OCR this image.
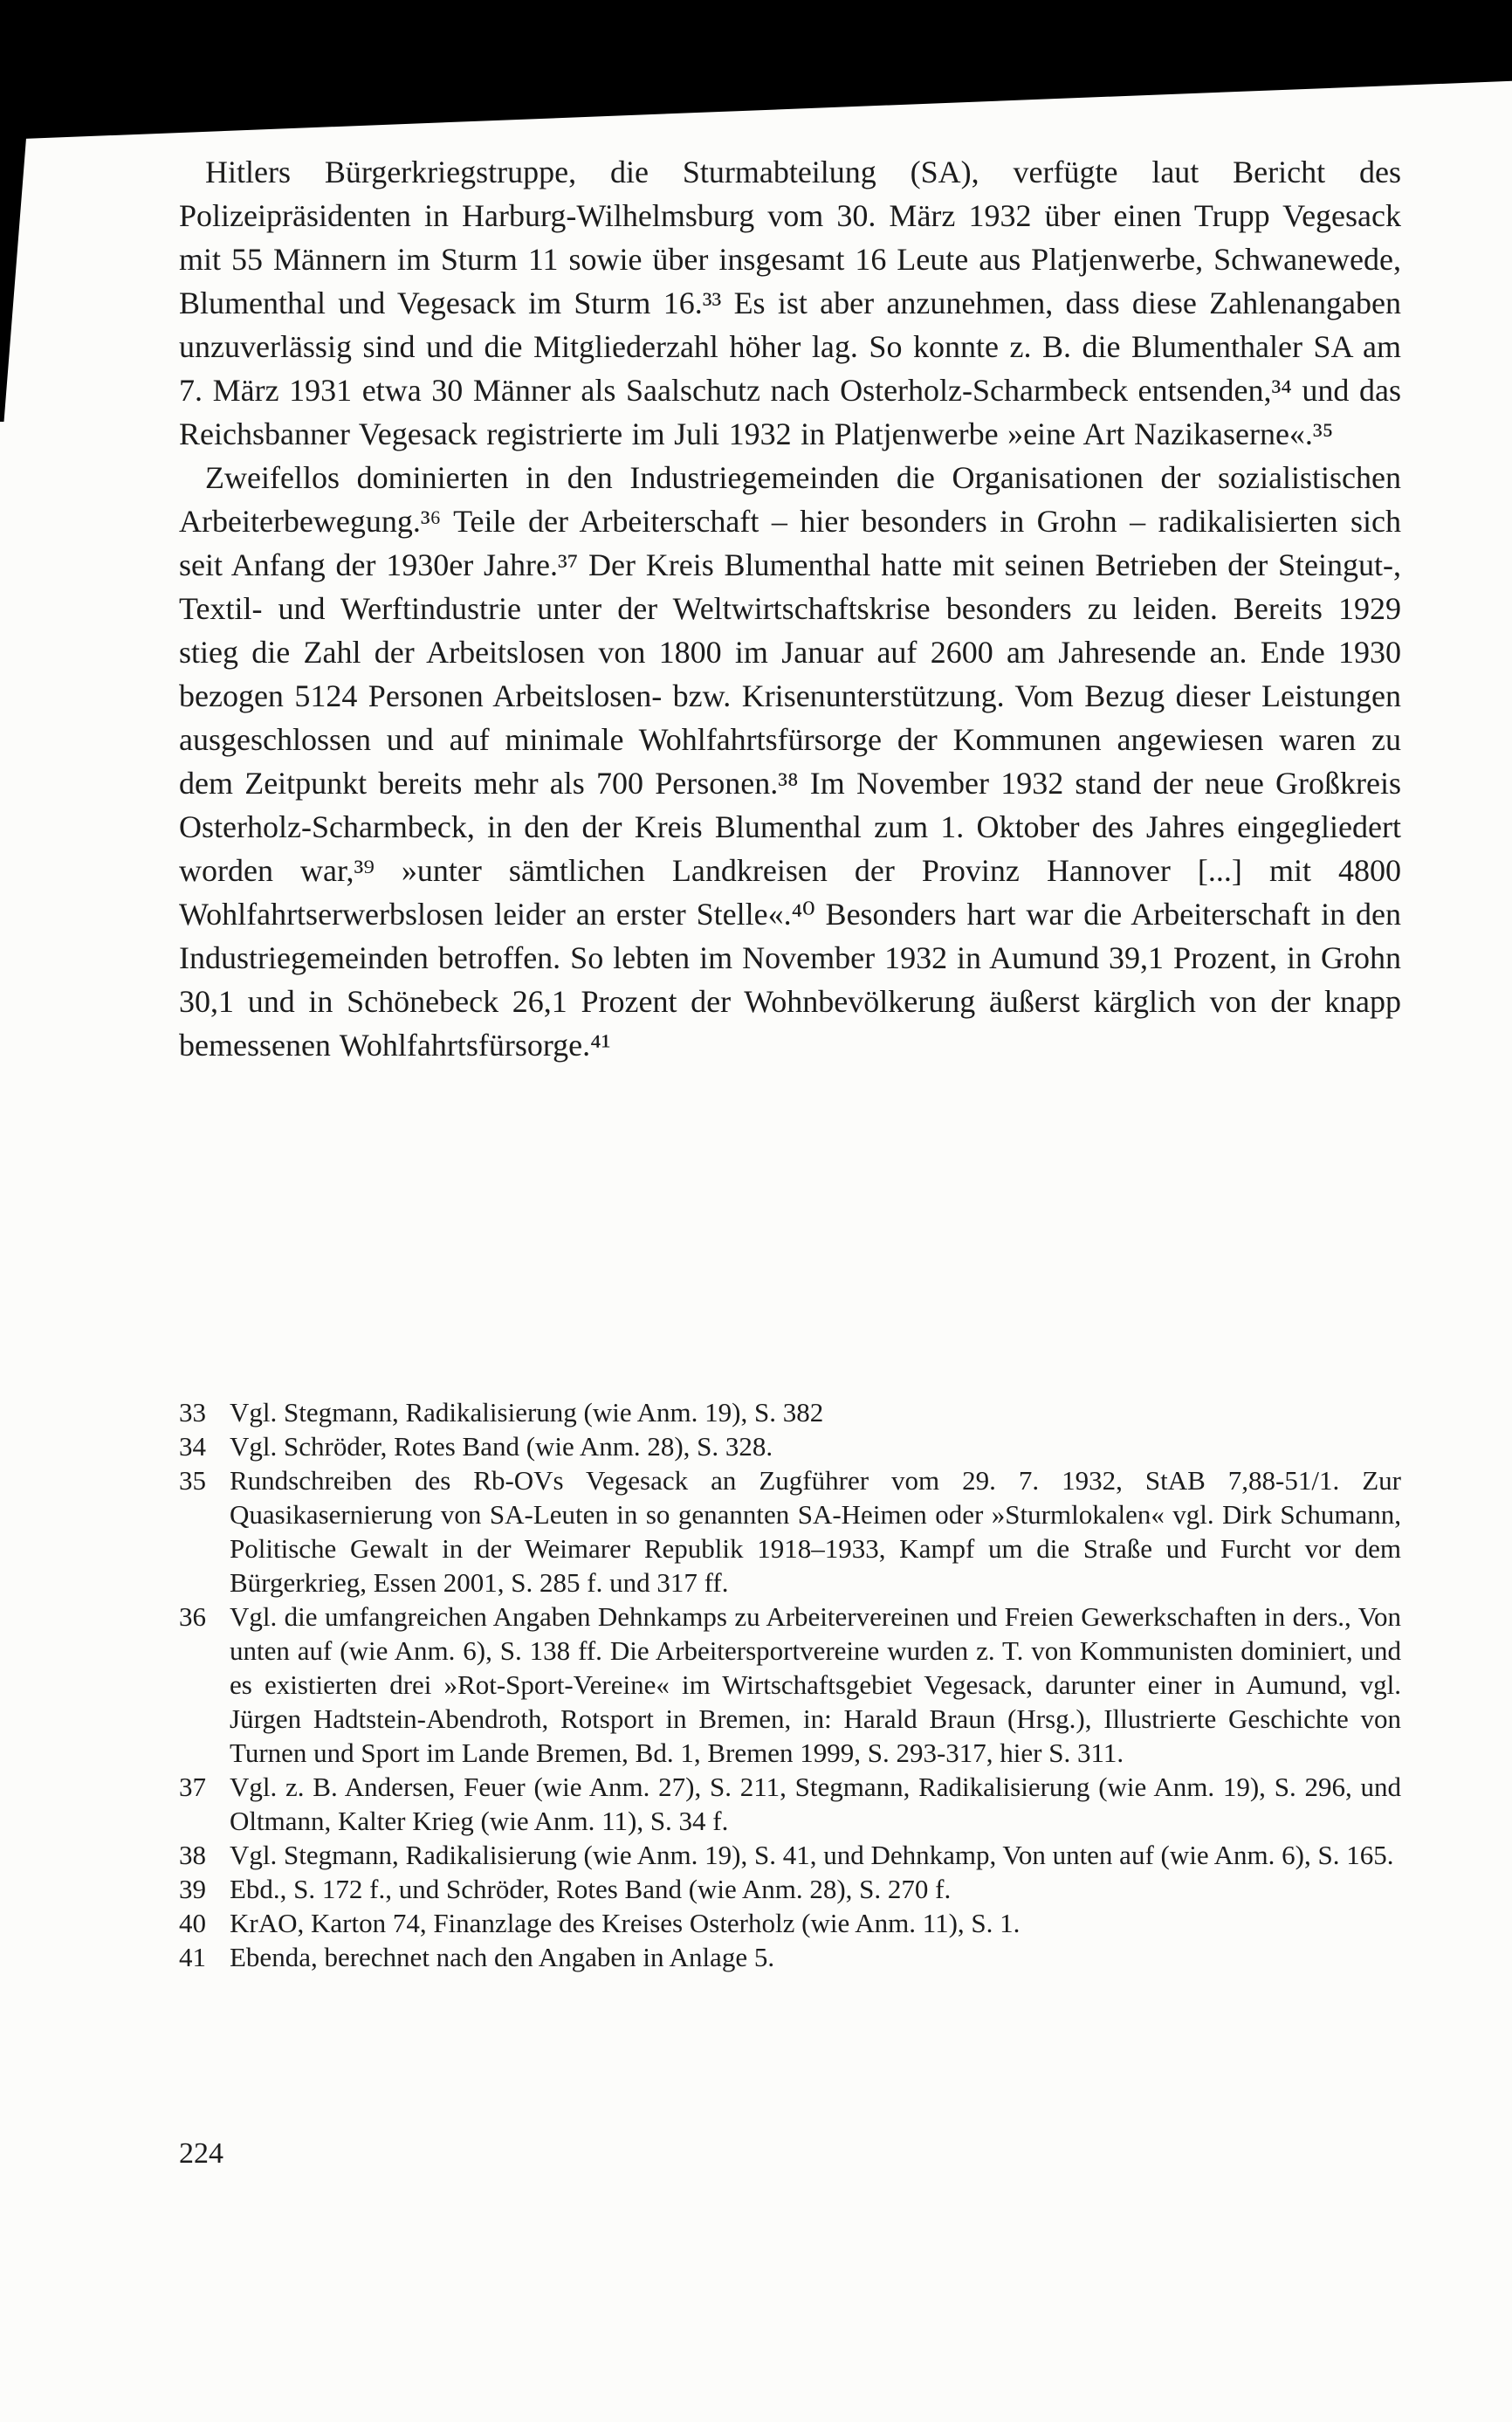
Hitlers Bürgerkriegstruppe, die Sturmabteilung (SA), verfügte laut Bericht des Polizeipräsidenten in Harburg-Wilhelmsburg vom 30. März 1932 über einen Trupp Vegesack mit 55 Männern im Sturm 11 sowie über insgesamt 16 Leute aus Platjenwerbe, Schwanewede, Blumenthal und Vegesack im Sturm 16.³³ Es ist aber anzunehmen, dass diese Zahlenangaben unzuverlässig sind und die Mitgliederzahl höher lag. So konnte z. B. die Blumenthaler SA am 7. März 1931 etwa 30 Männer als Saalschutz nach Osterholz-Scharmbeck entsenden,³⁴ und das Reichsbanner Vegesack registrierte im Juli 1932 in Platjenwerbe »eine Art Nazikaserne«.³⁵

Zweifellos dominierten in den Industriegemeinden die Organisationen der sozialistischen Arbeiterbewegung.³⁶ Teile der Arbeiterschaft – hier besonders in Grohn – radikalisierten sich seit Anfang der 1930er Jahre.³⁷ Der Kreis Blumenthal hatte mit seinen Betrieben der Steingut-, Textil- und Werftindustrie unter der Weltwirtschaftskrise besonders zu leiden. Bereits 1929 stieg die Zahl der Arbeitslosen von 1800 im Januar auf 2600 am Jahresende an. Ende 1930 bezogen 5124 Personen Arbeitslosen- bzw. Krisenunterstützung. Vom Bezug dieser Leistungen ausgeschlossen und auf minimale Wohlfahrtsfürsorge der Kommunen angewiesen waren zu dem Zeitpunkt bereits mehr als 700 Personen.³⁸ Im November 1932 stand der neue Großkreis Osterholz-Scharmbeck, in den der Kreis Blumenthal zum 1. Oktober des Jahres eingegliedert worden war,³⁹ »unter sämtlichen Landkreisen der Provinz Hannover [...] mit 4800 Wohlfahrtserwerbslosen leider an erster Stelle«.⁴⁰ Besonders hart war die Arbeiterschaft in den Industriegemeinden betroffen. So lebten im November 1932 in Aumund 39,1 Prozent, in Grohn 30,1 und in Schönebeck 26,1 Prozent der Wohnbevölkerung äußerst kärglich von der knapp bemessenen Wohlfahrtsfürsorge.⁴¹

33 Vgl. Stegmann, Radikalisierung (wie Anm. 19), S. 382
34 Vgl. Schröder, Rotes Band (wie Anm. 28), S. 328.
35 Rundschreiben des Rb-OVs Vegesack an Zugführer vom 29. 7. 1932, StAB 7,88-51/1. Zur Quasikasernierung von SA-Leuten in so genannten SA-Heimen oder »Sturmlokalen« vgl. Dirk Schumann, Politische Gewalt in der Weimarer Republik 1918–1933, Kampf um die Straße und Furcht vor dem Bürgerkrieg, Essen 2001, S. 285 f. und 317 ff.
36 Vgl. die umfangreichen Angaben Dehnkamps zu Arbeitervereinen und Freien Gewerkschaften in ders., Von unten auf (wie Anm. 6), S. 138 ff. Die Arbeitersportvereine wurden z. T. von Kommunisten dominiert, und es existierten drei »Rot-Sport-Vereine« im Wirtschaftsgebiet Vegesack, darunter einer in Aumund, vgl. Jürgen Hadtstein-Abendroth, Rotsport in Bremen, in: Harald Braun (Hrsg.), Illustrierte Geschichte von Turnen und Sport im Lande Bremen, Bd. 1, Bremen 1999, S. 293-317, hier S. 311.
37 Vgl. z. B. Andersen, Feuer (wie Anm. 27), S. 211, Stegmann, Radikalisierung (wie Anm. 19), S. 296, und Oltmann, Kalter Krieg (wie Anm. 11), S. 34 f.
38 Vgl. Stegmann, Radikalisierung (wie Anm. 19), S. 41, und Dehnkamp, Von unten auf (wie Anm. 6), S. 165.
39 Ebd., S. 172 f., und Schröder, Rotes Band (wie Anm. 28), S. 270 f.
40 KrAO, Karton 74, Finanzlage des Kreises Osterholz (wie Anm. 11), S. 1.
41 Ebenda, berechnet nach den Angaben in Anlage 5.
224
